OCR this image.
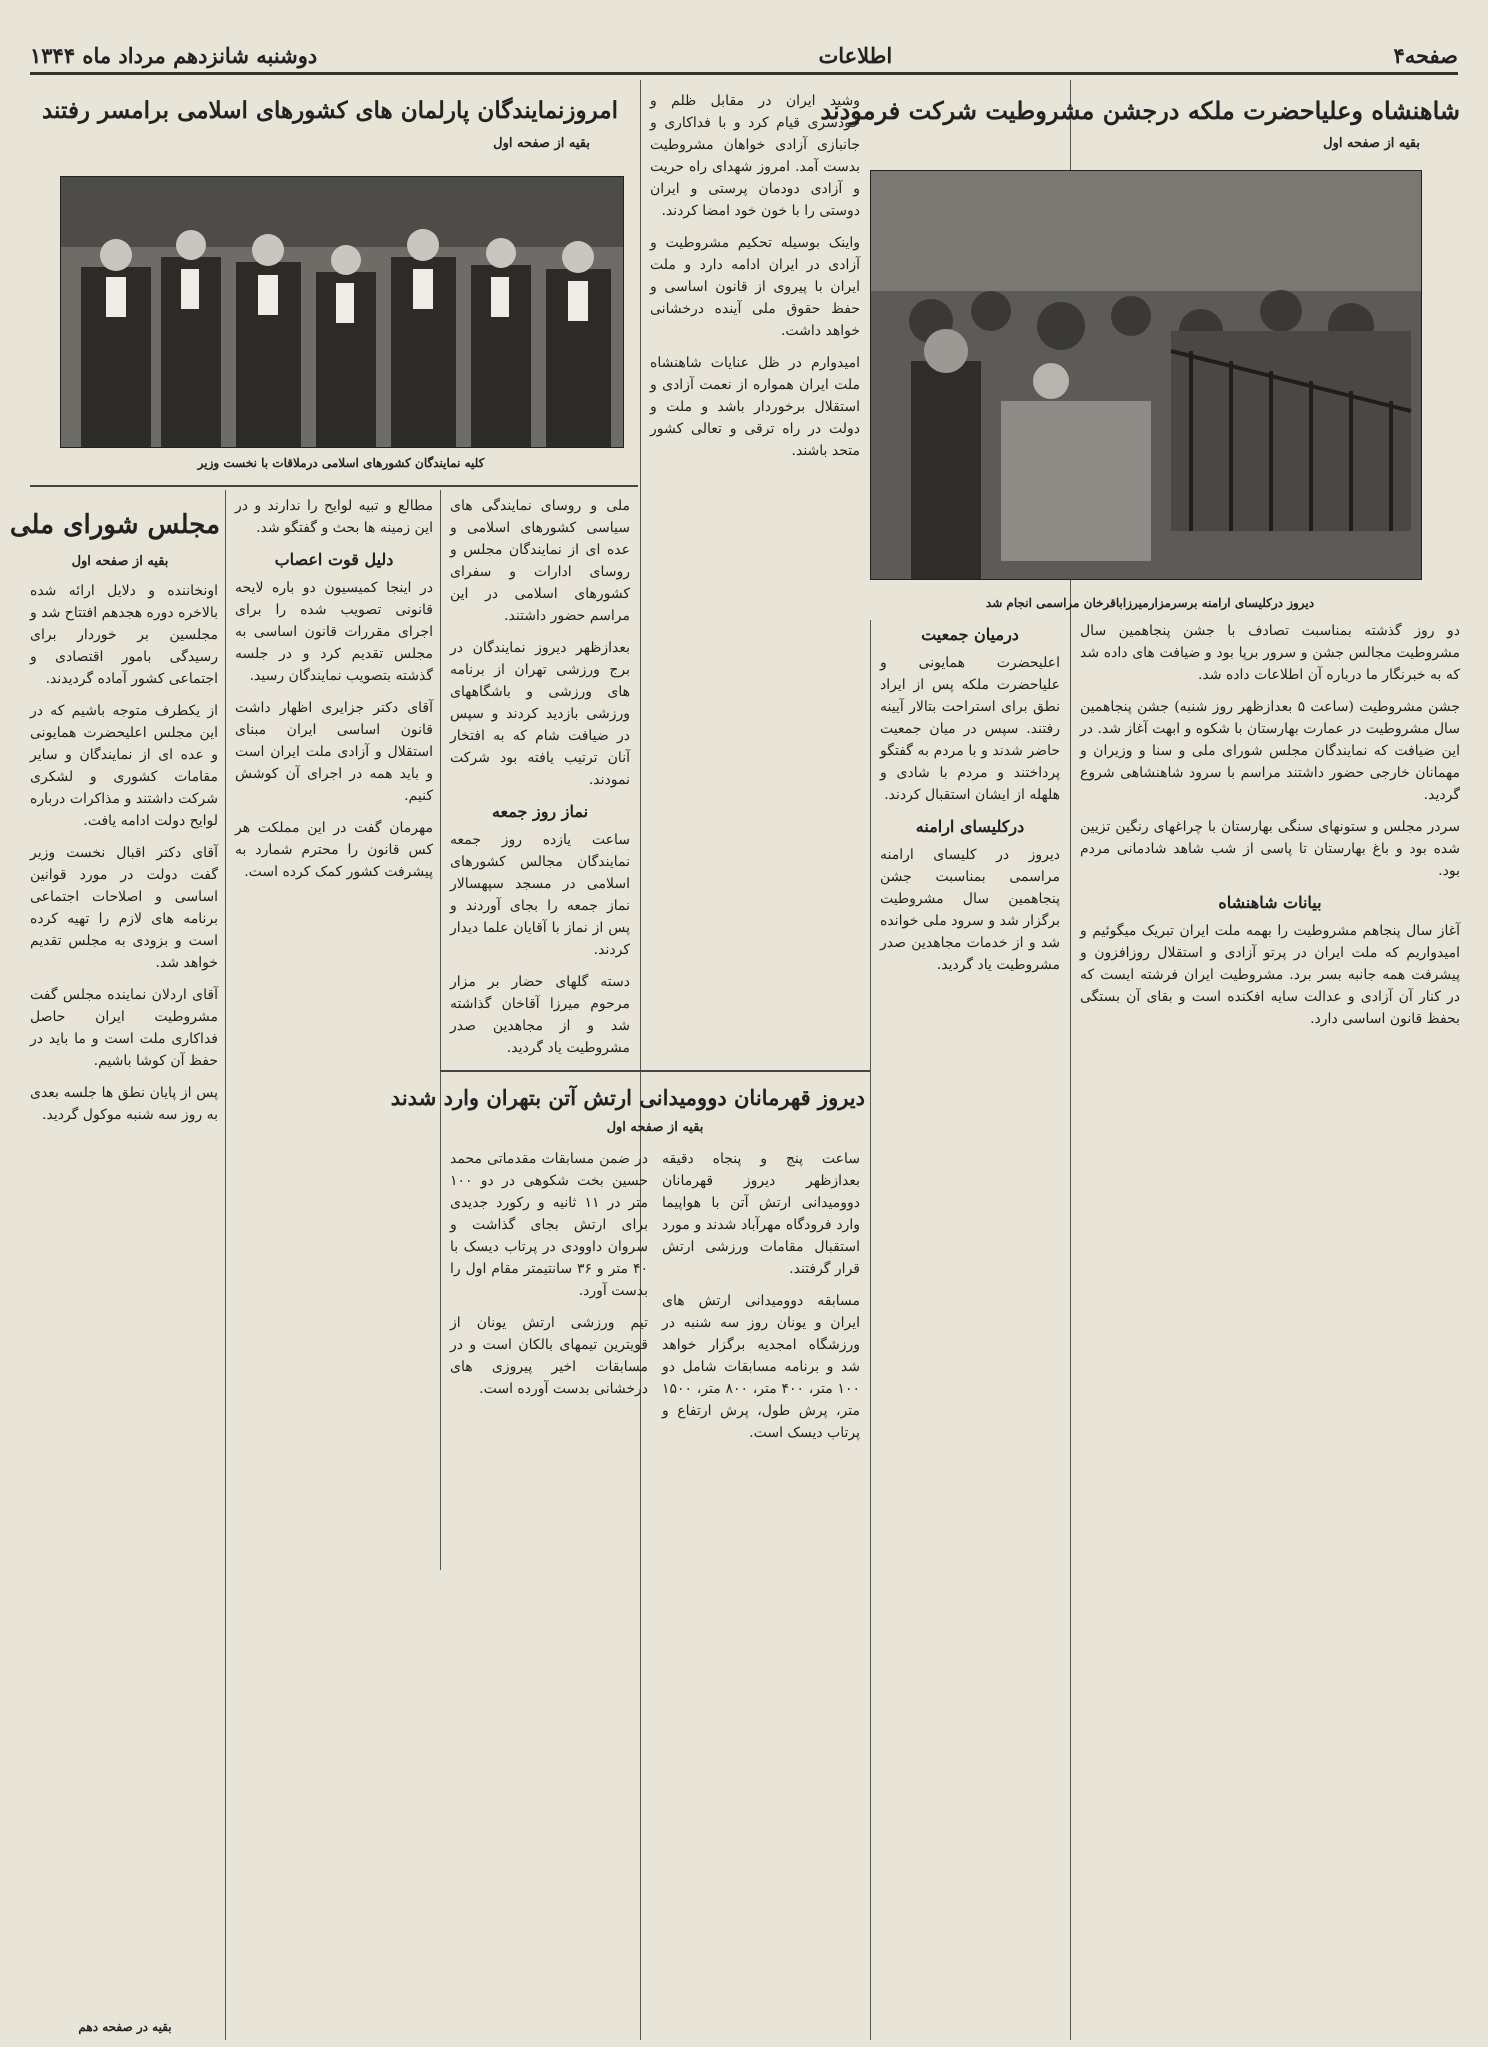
صفحه۴
اطلاعات
دوشنبه شانزدهم مرداد ماه ۱۳۴۴
شاهنشاه وعلیاحضرت ملکه درجشن مشروطیت شرکت فرمودند
بقیه از صفحه اول
دیروز درکلیسای ارامنه برسرمزارمیرزاباقرخان مراسمی انجام شد

دو روز گذشته بمناسبت تصادف با جشن پنجاهمین سال مشروطیت مجالس جشن و سرور برپا بود و ضیافت های داده شد که به خبرنگار ما درباره آن اطلاعات داده شد.

جشن مشروطیت (ساعت ۵ بعدازظهر روز شنبه) جشن پنجاهمین سال مشروطیت در عمارت بهارستان با شکوه و ابهت آغاز شد. در این ضیافت که نمایندگان مجلس شورای ملی و سنا و وزیران و مهمانان خارجی حضور داشتند مراسم با سرود شاهنشاهی شروع گردید.

سردر مجلس و ستونهای سنگی بهارستان با چراغهای رنگین تزیین شده بود و باغ بهارستان تا پاسی از شب شاهد شادمانی مردم بود.

بیانات شاهنشاه

آغاز سال پنجاهم مشروطیت را بهمه ملت ایران تبریک میگوئیم و امیدواریم که ملت ایران در پرتو آزادی و استقلال روزافزون و پیشرفت همه جانبه بسر برد. مشروطیت ایران فرشته ایست که در کنار آن آزادی و عدالت سایه افکنده است و بقای آن بستگی بحفظ قانون اساسی دارد.

وشید ایران در مقابل ظلم و خودسری قیام کرد و با فداکاری و جانبازی آزادی خواهان مشروطیت بدست آمد. امروز شهدای راه حریت و آزادی دودمان پرستی و ایران دوستی را با خون خود امضا کردند.

واینک بوسیله تحکیم مشروطیت و آزادی در ایران ادامه دارد و ملت ایران با پیروی از قانون اساسی و حفظ حقوق ملی آینده درخشانی خواهد داشت.

امیدوارم در ظل عنایات شاهنشاه ملت ایران همواره از نعمت آزادی و استقلال برخوردار باشد و ملت و دولت در راه ترقی و تعالی کشور متحد باشند.

درمیان جمعیت

اعلیحضرت همایونی و علیاحضرت ملکه پس از ایراد نطق برای استراحت بتالار آیینه رفتند. سپس در میان جمعیت حاضر شدند و با مردم به گفتگو پرداختند و مردم با شادی و هلهله از ایشان استقبال کردند.

درکلیسای ارامنه

دیروز در کلیسای ارامنه مراسمی بمناسبت جشن پنجاهمین سال مشروطیت برگزار شد و سرود ملی خوانده شد و از خدمات مجاهدین صدر مشروطیت یاد گردید.

امروزنمایندگان پارلمان های کشورهای اسلامی برامسر رفتند
بقیه از صفحه اول
کلیه نمایندگان کشورهای اسلامی درملاقات با نخست وزیر

ملی و روسای نمایندگی های سیاسی کشورهای اسلامی و عده ای از نمایندگان مجلس و روسای ادارات و سفرای کشورهای اسلامی در این مراسم حضور داشتند.

بعدازظهر دیروز نمایندگان در برج ورزشی تهران از برنامه های ورزشی و باشگاههای ورزشی بازدید کردند و سپس در ضیافت شام که به افتخار آنان ترتیب یافته بود شرکت نمودند.

نماز روز جمعه

ساعت یازده روز جمعه نمایندگان مجالس کشورهای اسلامی در مسجد سپهسالار نماز جمعه را بجای آوردند و پس از نماز با آقایان علما دیدار کردند.

دسته گلهای حضار بر مزار مرحوم میرزا آقاخان گذاشته شد و از مجاهدین صدر مشروطیت یاد گردید.

مجلس شورای ملی
بقیه از صفحه اول

اونخاننده و دلایل ارائه شده بالاخره دوره هجدهم افتتاح شد و مجلسین بر خوردار برای رسیدگی بامور اقتصادی و اجتماعی کشور آماده گردیدند.

از یکطرف متوجه باشیم که در این مجلس اعلیحضرت همایونی و عده ای از نمایندگان و سایر مقامات کشوری و لشکری شرکت داشتند و مذاکرات درباره لوایح دولت ادامه یافت.

آقای دکتر اقبال نخست وزیر گفت دولت در مورد قوانین اساسی و اصلاحات اجتماعی برنامه های لازم را تهیه کرده است و بزودی به مجلس تقدیم خواهد شد.

آقای اردلان نماینده مجلس گفت مشروطیت ایران حاصل فداکاری ملت است و ما باید در حفظ آن کوشا باشیم.

پس از پایان نطق ها جلسه بعدی به روز سه شنبه موکول گردید.

مطالع و تبیه لوایح را ندارند و در این زمینه ها بحث و گفتگو شد.

دلیل قوت اعصاب

در اینجا کمیسیون دو باره لایحه قانونی تصویب شده را برای اجرای مقررات قانون اساسی به مجلس تقدیم کرد و در جلسه گذشته بتصویب نمایندگان رسید.

آقای دکتر جزایری اظهار داشت قانون اساسی ایران مبنای استقلال و آزادی ملت ایران است و باید همه در اجرای آن کوشش کنیم.

مهرمان گفت در این مملکت هر کس قانون را محترم شمارد به پیشرفت کشور کمک کرده است.

دیروز قهرمانان دوومیدانی ارتش آتن بتهران وارد شدند
بقیه از صفحه اول

ساعت پنج و پنجاه دقیقه بعدازظهر دیروز قهرمانان دوومیدانی ارتش آتن با هواپیما وارد فرودگاه مهرآباد شدند و مورد استقبال مقامات ورزشی ارتش قرار گرفتند.

مسابقه دوومیدانی ارتش های ایران و یونان روز سه شنبه در ورزشگاه امجدیه برگزار خواهد شد و برنامه مسابقات شامل دو ۱۰۰ متر، ۴۰۰ متر، ۸۰۰ متر، ۱۵۰۰ متر، پرش طول، پرش ارتفاع و پرتاب دیسک است.

در ضمن مسابقات مقدماتی محمد حسین بخت شکوهی در دو ۱۰۰ متر در ۱۱ ثانیه و رکورد جدیدی برای ارتش بجای گذاشت و سروان داوودی در پرتاب دیسک با ۴۰ متر و ۳۶ سانتیمتر مقام اول را بدست آورد.

تیم ورزشی ارتش یونان از قویترین تیمهای بالکان است و در مسابقات اخیر پیروزی های درخشانی بدست آورده است.

بقیه در صفحه دهم
